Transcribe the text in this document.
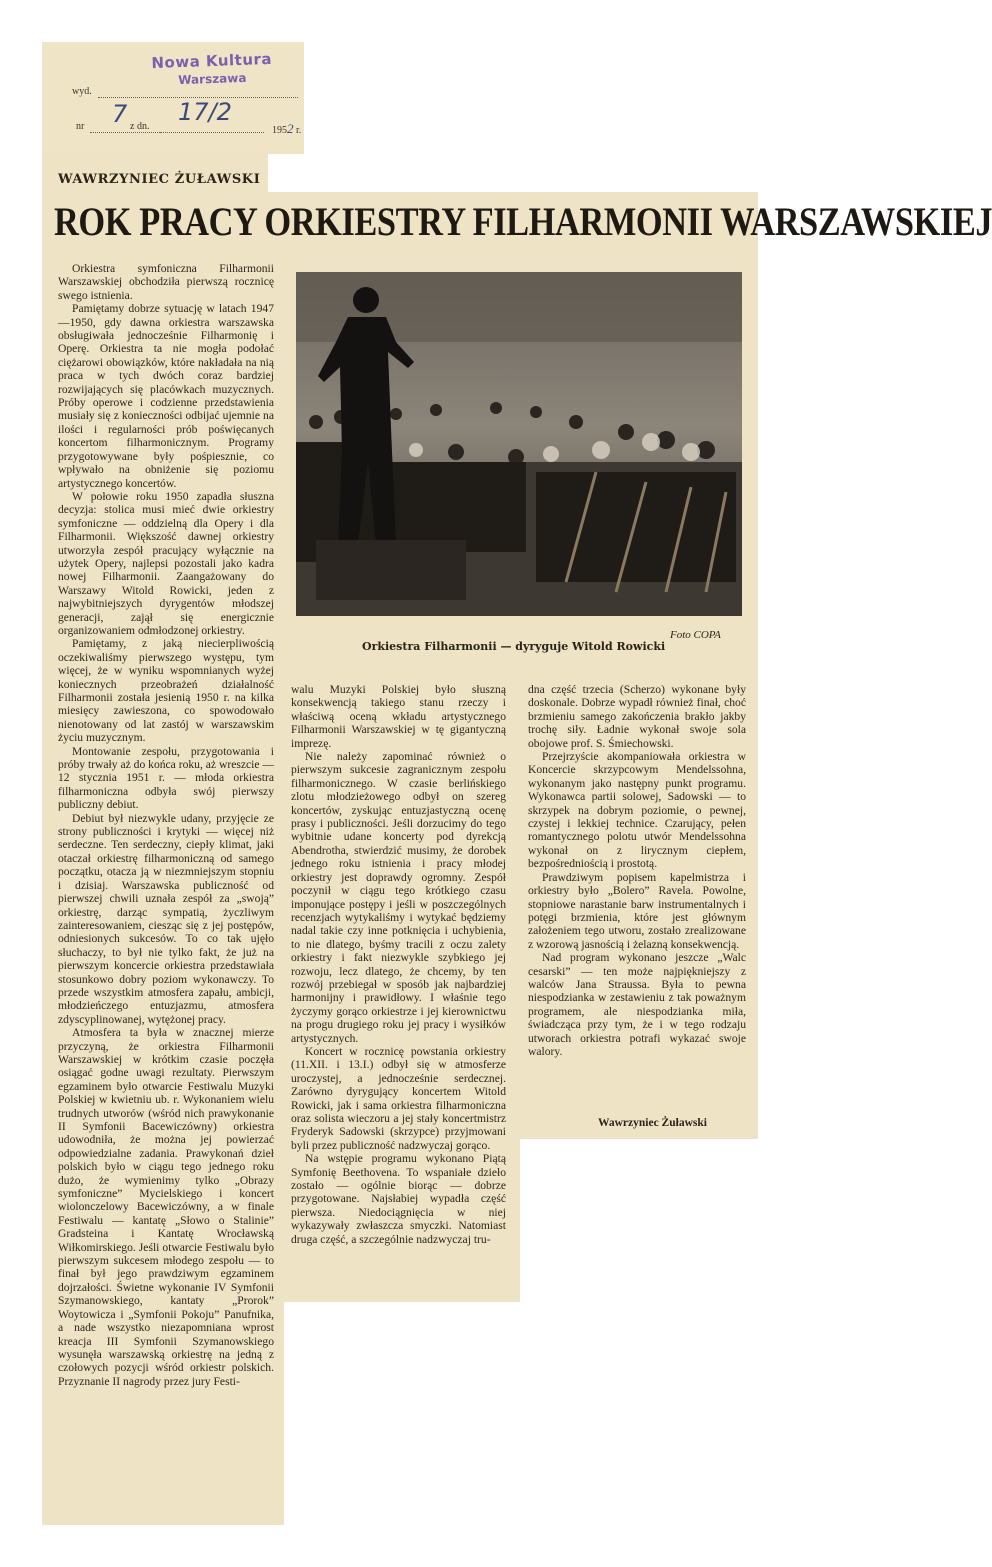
Nowa Kultura
Warszawa
wyd.
nr 7 z dn.
17/2
1952 r.
WAWRZYNIEC ŻUŁAWSKI
ROK PRACY ORKIESTRY FILHARMONII WARSZAWSKIEJ
Foto COPA
Orkiestra Filharmonii — dyryguje Witold Rowicki

Orkiestra symfoniczna Filharmonii Warszawskiej obchodziła pierwszą rocznicę swego istnienia.

Pamiętamy dobrze sytuację w latach 1947—1950, gdy dawna orkiestra warszawska obsługiwała jednocześnie Filharmonię i Operę. Orkiestra ta nie mogła podołać ciężarowi obowiązków, które nakładała na nią praca w tych dwóch coraz bardziej rozwijających się placówkach muzycznych. Próby operowe i codzienne przedstawienia musiały się z konieczności odbijać ujemnie na ilości i regularności prób poświęcanych koncertom filharmonicznym. Programy przygotowywane były pośpiesznie, co wpływało na obniżenie się poziomu artystycznego koncertów.

W połowie roku 1950 zapadła słuszna decyzja: stolica musi mieć dwie orkiestry symfoniczne — oddzielną dla Opery i dla Filharmonii. Większość dawnej orkiestry utworzyła zespół pracujący wyłącznie na użytek Opery, najlepsi pozostali jako kadra nowej Filharmonii. Zaangażowany do Warszawy Witold Rowicki, jeden z najwybitniejszych dyrygentów młodszej generacji, zajął się energicznie organizowaniem odmłodzonej orkiestry.

Pamiętamy, z jaką niecierpliwością oczekiwaliśmy pierwszego występu, tym więcej, że w wyniku wspomnianych wyżej koniecznych przeobrażeń działalność Filharmonii została jesienią 1950 r. na kilka miesięcy zawieszona, co spowodowało nienotowany od lat zastój w warszawskim życiu muzycznym.

Montowanie zespołu, przygotowania i próby trwały aż do końca roku, aż wreszcie — 12 stycznia 1951 r. — młoda orkiestra filharmoniczna odbyła swój pierwszy publiczny debiut.

Debiut był niezwykle udany, przyjęcie ze strony publiczności i krytyki — więcej niż serdeczne. Ten serdeczny, ciepły klimat, jaki otaczał orkiestrę filharmoniczną od samego początku, otacza ją w niezmniejszym stopniu i dzisiaj. Warszawska publiczność od pierwszej chwili uznała zespół za „swoją” orkiestrę, darząc sympatią, życzliwym zainteresowaniem, ciesząc się z jej postępów, odniesionych sukcesów. To co tak ujęło słuchaczy, to był nie tylko fakt, że już na pierwszym koncercie orkiestra przedstawiała stosunkowo dobry poziom wykonawczy. To przede wszystkim atmosfera zapału, ambicji, młodzieńczego entuzjazmu, atmosfera zdyscyplinowanej, wytężonej pracy.

Atmosfera ta była w znacznej mierze przyczyną, że orkiestra Filharmonii Warszawskiej w krótkim czasie poczęła osiągać godne uwagi rezultaty. Pierwszym egzaminem było otwarcie Festiwalu Muzyki Polskiej w kwietniu ub. r. Wykonaniem wielu trudnych utworów (wśród nich prawykonanie II Symfonii Bacewiczówny) orkiestra udowodniła, że można jej powierzać odpowiedzialne zadania. Prawykonań dzieł polskich było w ciągu tego jednego roku dużo, że wymienimy tylko „Obrazy symfoniczne” Mycielskiego i koncert wiolonczelowy Bacewiczówny, a w finale Festiwalu — kantatę „Słowo o Stalinie” Gradsteina i Kantatę Wrocławską Wiłkomirskiego. Jeśli otwarcie Festiwalu było pierwszym sukcesem młodego zespołu — to finał był jego prawdziwym egzaminem dojrzałości. Świetne wykonanie IV Symfonii Szymanowskiego, kantaty „Prorok” Woytowicza i „Symfonii Pokoju” Panufnika, a nade wszystko niezapomniana wprost kreacja III Symfonii Szymanowskiego wysunęła warszawską orkiestrę na jedną z czołowych pozycji wśród orkiestr polskich. Przyznanie II nagrody przez jury Festi-

walu Muzyki Polskiej było słuszną konsekwencją takiego stanu rzeczy i właściwą oceną wkładu artystycznego Filharmonii Warszawskiej w tę gigantyczną imprezę.

Nie należy zapominać również o pierwszym sukcesie zagranicznym zespołu filharmonicznego. W czasie berlińskiego zlotu młodzieżowego odbył on szereg koncertów, zyskując entuzjastyczną ocenę prasy i publiczności. Jeśli dorzucimy do tego wybitnie udane koncerty pod dyrekcją Abendrotha, stwierdzić musimy, że dorobek jednego roku istnienia i pracy młodej orkiestry jest doprawdy ogromny. Zespół poczynił w ciągu tego krótkiego czasu imponujące postępy i jeśli w poszczególnych recenzjach wytykaliśmy i wytykać będziemy nadal takie czy inne potknięcia i uchybienia, to nie dlatego, byśmy tracili z oczu zalety orkiestry i fakt niezwykle szybkiego jej rozwoju, lecz dlatego, że chcemy, by ten rozwój przebiegał w sposób jak najbardziej harmonijny i prawidłowy. I właśnie tego życzymy gorąco orkiestrze i jej kierownictwu na progu drugiego roku jej pracy i wysiłków artystycznych.

Koncert w rocznicę powstania orkiestry (11.XII. i 13.I.) odbył się w atmosferze uroczystej, a jednocześnie serdecznej. Zarówno dyrygujący koncertem Witold Rowicki, jak i sama orkiestra filharmoniczna oraz solista wieczoru a jej stały koncertmistrz Fryderyk Sadowski (skrzypce) przyjmowani byli przez publiczność nadzwyczaj gorąco.

Na wstępie programu wykonano Piątą Symfonię Beethovena. To wspaniałe dzieło zostało — ogólnie biorąc — dobrze przygotowane. Najsłabiej wypadła część pierwsza. Niedociągnięcia w niej wykazywały zwłaszcza smyczki. Natomiast druga część, a szczególnie nadzwyczaj tru-

dna część trzecia (Scherzo) wykonane były doskonale. Dobrze wypadł również finał, choć brzmieniu samego zakończenia brakło jakby trochę siły. Ładnie wykonał swoje sola obojowe prof. S. Śmiechowski.

Przejrzyście akompaniowała orkiestra w Koncercie skrzypcowym Mendelssohna, wykonanym jako następny punkt programu. Wykonawca partii solowej, Sadowski — to skrzypek na dobrym poziomie, o pewnej, czystej i lekkiej technice. Czarujący, pełen romantycznego polotu utwór Mendelssohna wykonał on z lirycznym ciepłem, bezpośredniością i prostotą.

Prawdziwym popisem kapelmistrza i orkiestry było „Bolero” Ravela. Powolne, stopniowe narastanie barw instrumentalnych i potęgi brzmienia, które jest głównym założeniem tego utworu, zostało zrealizowane z wzorową jasnością i żelazną konsekwencją.

Nad program wykonano jeszcze „Walc cesarski” — ten może najpiękniejszy z walców Jana Straussa. Była to pewna niespodzianka w zestawieniu z tak poważnym programem, ale niespodzianka miła, świadcząca przy tym, że i w tego rodzaju utworach orkiestra potrafi wykazać swoje walory.

Wawrzyniec Żuławski
